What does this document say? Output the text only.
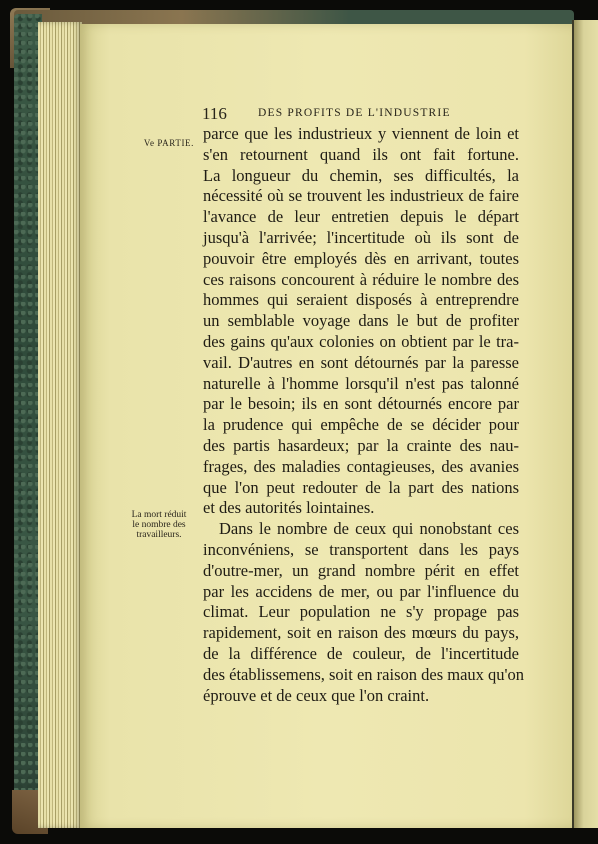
116	DES PROFITS DE L'INDUSTRIE
Ve PARTIE.
La mort réduit
le nombre des
travailleurs.
parce que les industrieux y viennent de loin et
s'en retournent quand ils ont fait fortune.
La longueur du chemin, ses difficultés, la
nécessité où se trouvent les industrieux de faire
l'avance de leur entretien depuis le départ
jusqu'à l'arrivée; l'incertitude où ils sont de
pouvoir être employés dès en arrivant, toutes
ces raisons concourent à réduire le nombre des
hommes qui seraient disposés à entreprendre
un semblable voyage dans le but de profiter
des gains qu'aux colonies on obtient par le tra-
vail. D'autres en sont détournés par la paresse
naturelle à l'homme lorsqu'il n'est pas talonné
par le besoin; ils en sont détournés encore par
la prudence qui empêche de se décider pour
des partis hasardeux; par la crainte des nau-
frages, des maladies contagieuses, des avanies
que l'on peut redouter de la part des nations
et des autorités lointaines.
Dans le nombre de ceux qui nonobstant ces
inconvéniens, se transportent dans les pays
d'outre-mer, un grand nombre périt en effet
par les accidens de mer, ou par l'influence du
climat. Leur population ne s'y propage pas
rapidement, soit en raison des mœurs du pays,
de la différence de couleur, de l'incertitude
des établissemens, soit en raison des maux qu'on
éprouve et de ceux que l'on craint.
